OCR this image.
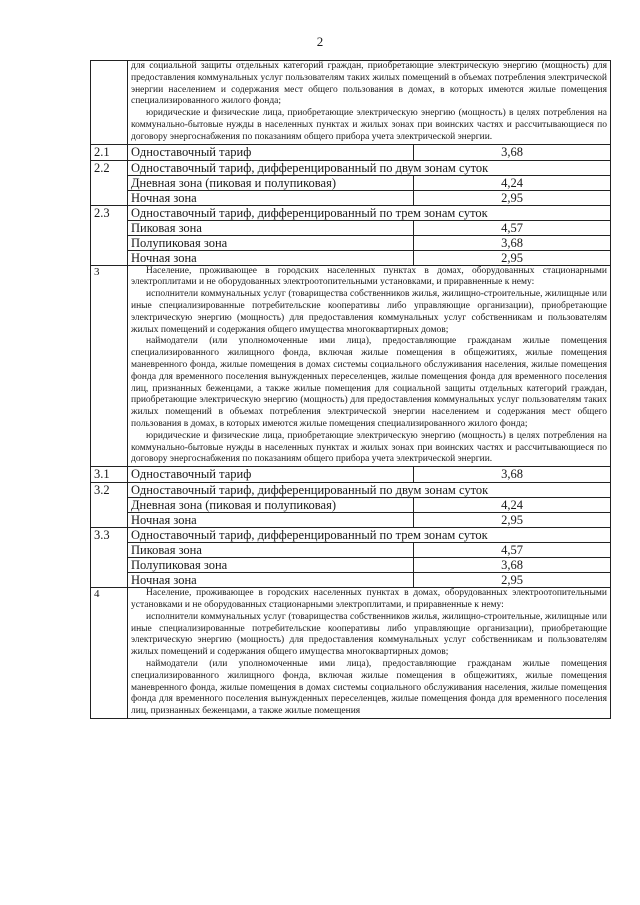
2

	для социальной защиты отдельных категорий граждан, приобретающие электрическую энергию (мощность) для предоставления коммунальных услуг пользователям таких жилых помещений в объемах потребления электрической энергии населением и содержания мест общего пользования в домах, в которых имеются жилые помещения специализированного жилого фонда;

юридические и физические лица, приобретающие электрическую энергию (мощность) в целях потребления на коммунально-бытовые нужды в населенных пунктах и жилых зонах при воинских частях и рассчитывающиеся по договору энергоснабжения по показаниям общего прибора учета электрической энергии.	

2.1	Одноставочный тариф	3,68
2.2	Одноставочный тариф, дифференцированный по двум зонам суток	
	Дневная зона (пиковая и полупиковая)	4,24
	Ночная зона	2,95
2.3	Одноставочный тариф, дифференцированный по трем зонам суток	
	Пиковая зона	4,57
	Полупиковая зона	3,68
	Ночная зона	2,95
3	Население, проживающее в городских населенных пунктах в домах, оборудованных стационарными электроплитами и не оборудованных электроотопительными установками, и приравненные к нему:

исполнители коммунальных услуг (товарищества собственников жилья, жилищно-строительные, жилищные или иные специализированные потребительские кооперативы либо управляющие организации), приобретающие электрическую энергию (мощность) для предоставления коммунальных услуг собственникам и пользователям жилых помещений и содержания общего имущества многоквартирных домов;

наймодатели (или уполномоченные ими лица), предоставляющие гражданам жилые помещения специализированного жилищного фонда, включая жилые помещения в общежитиях, жилые помещения маневренного фонда, жилые помещения в домах системы социального обслуживания населения, жилые помещения фонда для временного поселения вынужденных переселенцев, жилые помещения фонда для временного поселения лиц, признанных беженцами, а также жилые помещения для социальной защиты отдельных категорий граждан, приобретающие электрическую энергию (мощность) для предоставления коммунальных услуг пользователям таких жилых помещений в объемах потребления электрической энергии населением и содержания мест общего пользования в домах, в которых имеются жилые помещения специализированного жилого фонда;

юридические и физические лица, приобретающие электрическую энергию (мощность) в целях потребления на коммунально-бытовые нужды в населенных пунктах и жилых зонах при воинских частях и рассчитывающиеся по договору энергоснабжения по показаниям общего прибора учета электрической энергии.	

3.1	Одноставочный тариф	3,68
3.2	Одноставочный тариф, дифференцированный по двум зонам суток	
	Дневная зона (пиковая и полупиковая)	4,24
	Ночная зона	2,95
3.3	Одноставочный тариф, дифференцированный по трем зонам суток	
	Пиковая зона	4,57
	Полупиковая зона	3,68
	Ночная зона	2,95
4	Население, проживающее в городских населенных пунктах в домах, оборудованных электроотопительными установками и не оборудованных стационарными электроплитами, и приравненные к нему:

исполнители коммунальных услуг (товарищества собственников жилья, жилищно-строительные, жилищные или иные специализированные потребительские кооперативы либо управляющие организации), приобретающие электрическую энергию (мощность) для предоставления коммунальных услуг собственникам и пользователям жилых помещений и содержания общего имущества многоквартирных домов;

наймодатели (или уполномоченные ими лица), предоставляющие гражданам жилые помещения специализированного жилищного фонда, включая жилые помещения в общежитиях, жилые помещения маневренного фонда, жилые помещения в домах системы социального обслуживания населения, жилые помещения фонда для временного поселения вынужденных переселенцев, жилые помещения фонда для временного поселения лиц, признанных беженцами, а также жилые помещения	
